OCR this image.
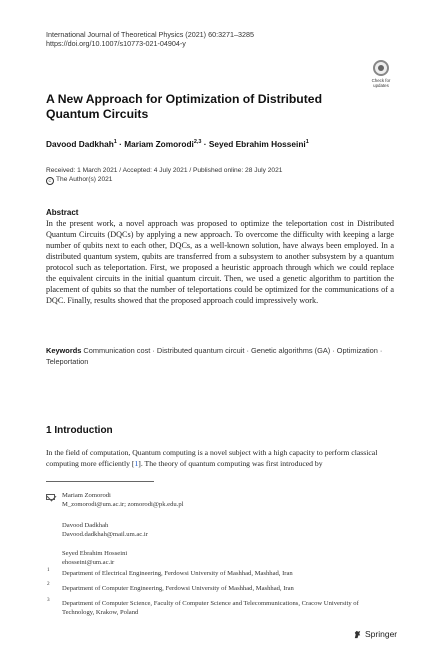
International Journal of Theoretical Physics (2021) 60:3271–3285
https://doi.org/10.1007/s10773-021-04904-y
Check for
updates
A New Approach for Optimization of Distributed Quantum Circuits
Davood Dadkhah$^1$ · Mariam Zomorodi$^{2,3}$ · Seyed Ebrahim Hosseini$^1$
Received: 1 March 2021 / Accepted: 4 July 2021 / Published online: 28 July 2021
C The Author(s) 2021
Abstract
In the present work, a novel approach was proposed to optimize the teleportation cost in Distributed Quantum Circuits (DQCs) by applying a new approach. To overcome the difficulty with keeping a large number of qubits next to each other, DQCs, as a well-known solution, have always been employed. In a distributed quantum system, qubits are transferred from a subsystem to another subsystem by a quantum protocol such as teleportation. First, we proposed a heuristic approach through which we could replace the equivalent circuits in the initial quantum circuit. Then, we used a genetic algorithm to partition the placement of qubits so that the number of teleportations could be optimized for the communications of a DQC. Finally, results showed that the proposed approach could impressively work.
Keywords Communication cost · Distributed quantum circuit · Genetic algorithms (GA) · Optimization · Teleportation
1 Introduction
In the field of computation, Quantum computing is a novel subject with a high capacity to perform classical computing more efficiently [1]. The theory of quantum computing was first introduced by
Mariam Zomorodi
M_zomorodi@um.ac.ir; zomorodi@pk.edu.pl
Davood Dadkhah
Davood.dadkhah@mail.um.ac.ir
Seyed Ebrahim Hosseini
ehosseini@um.ac.ir
1 Department of Electrical Engineering, Ferdowsi University of Mashhad, Mashhad, Iran
2
Department of Computer Engineering, Ferdowsi University of Mashhad, Mashhad, Iran
3 Department of Computer Science, Faculty of Computer Science and Telecommunications, Cracow University of Technology, Krakow, Poland
Springer
